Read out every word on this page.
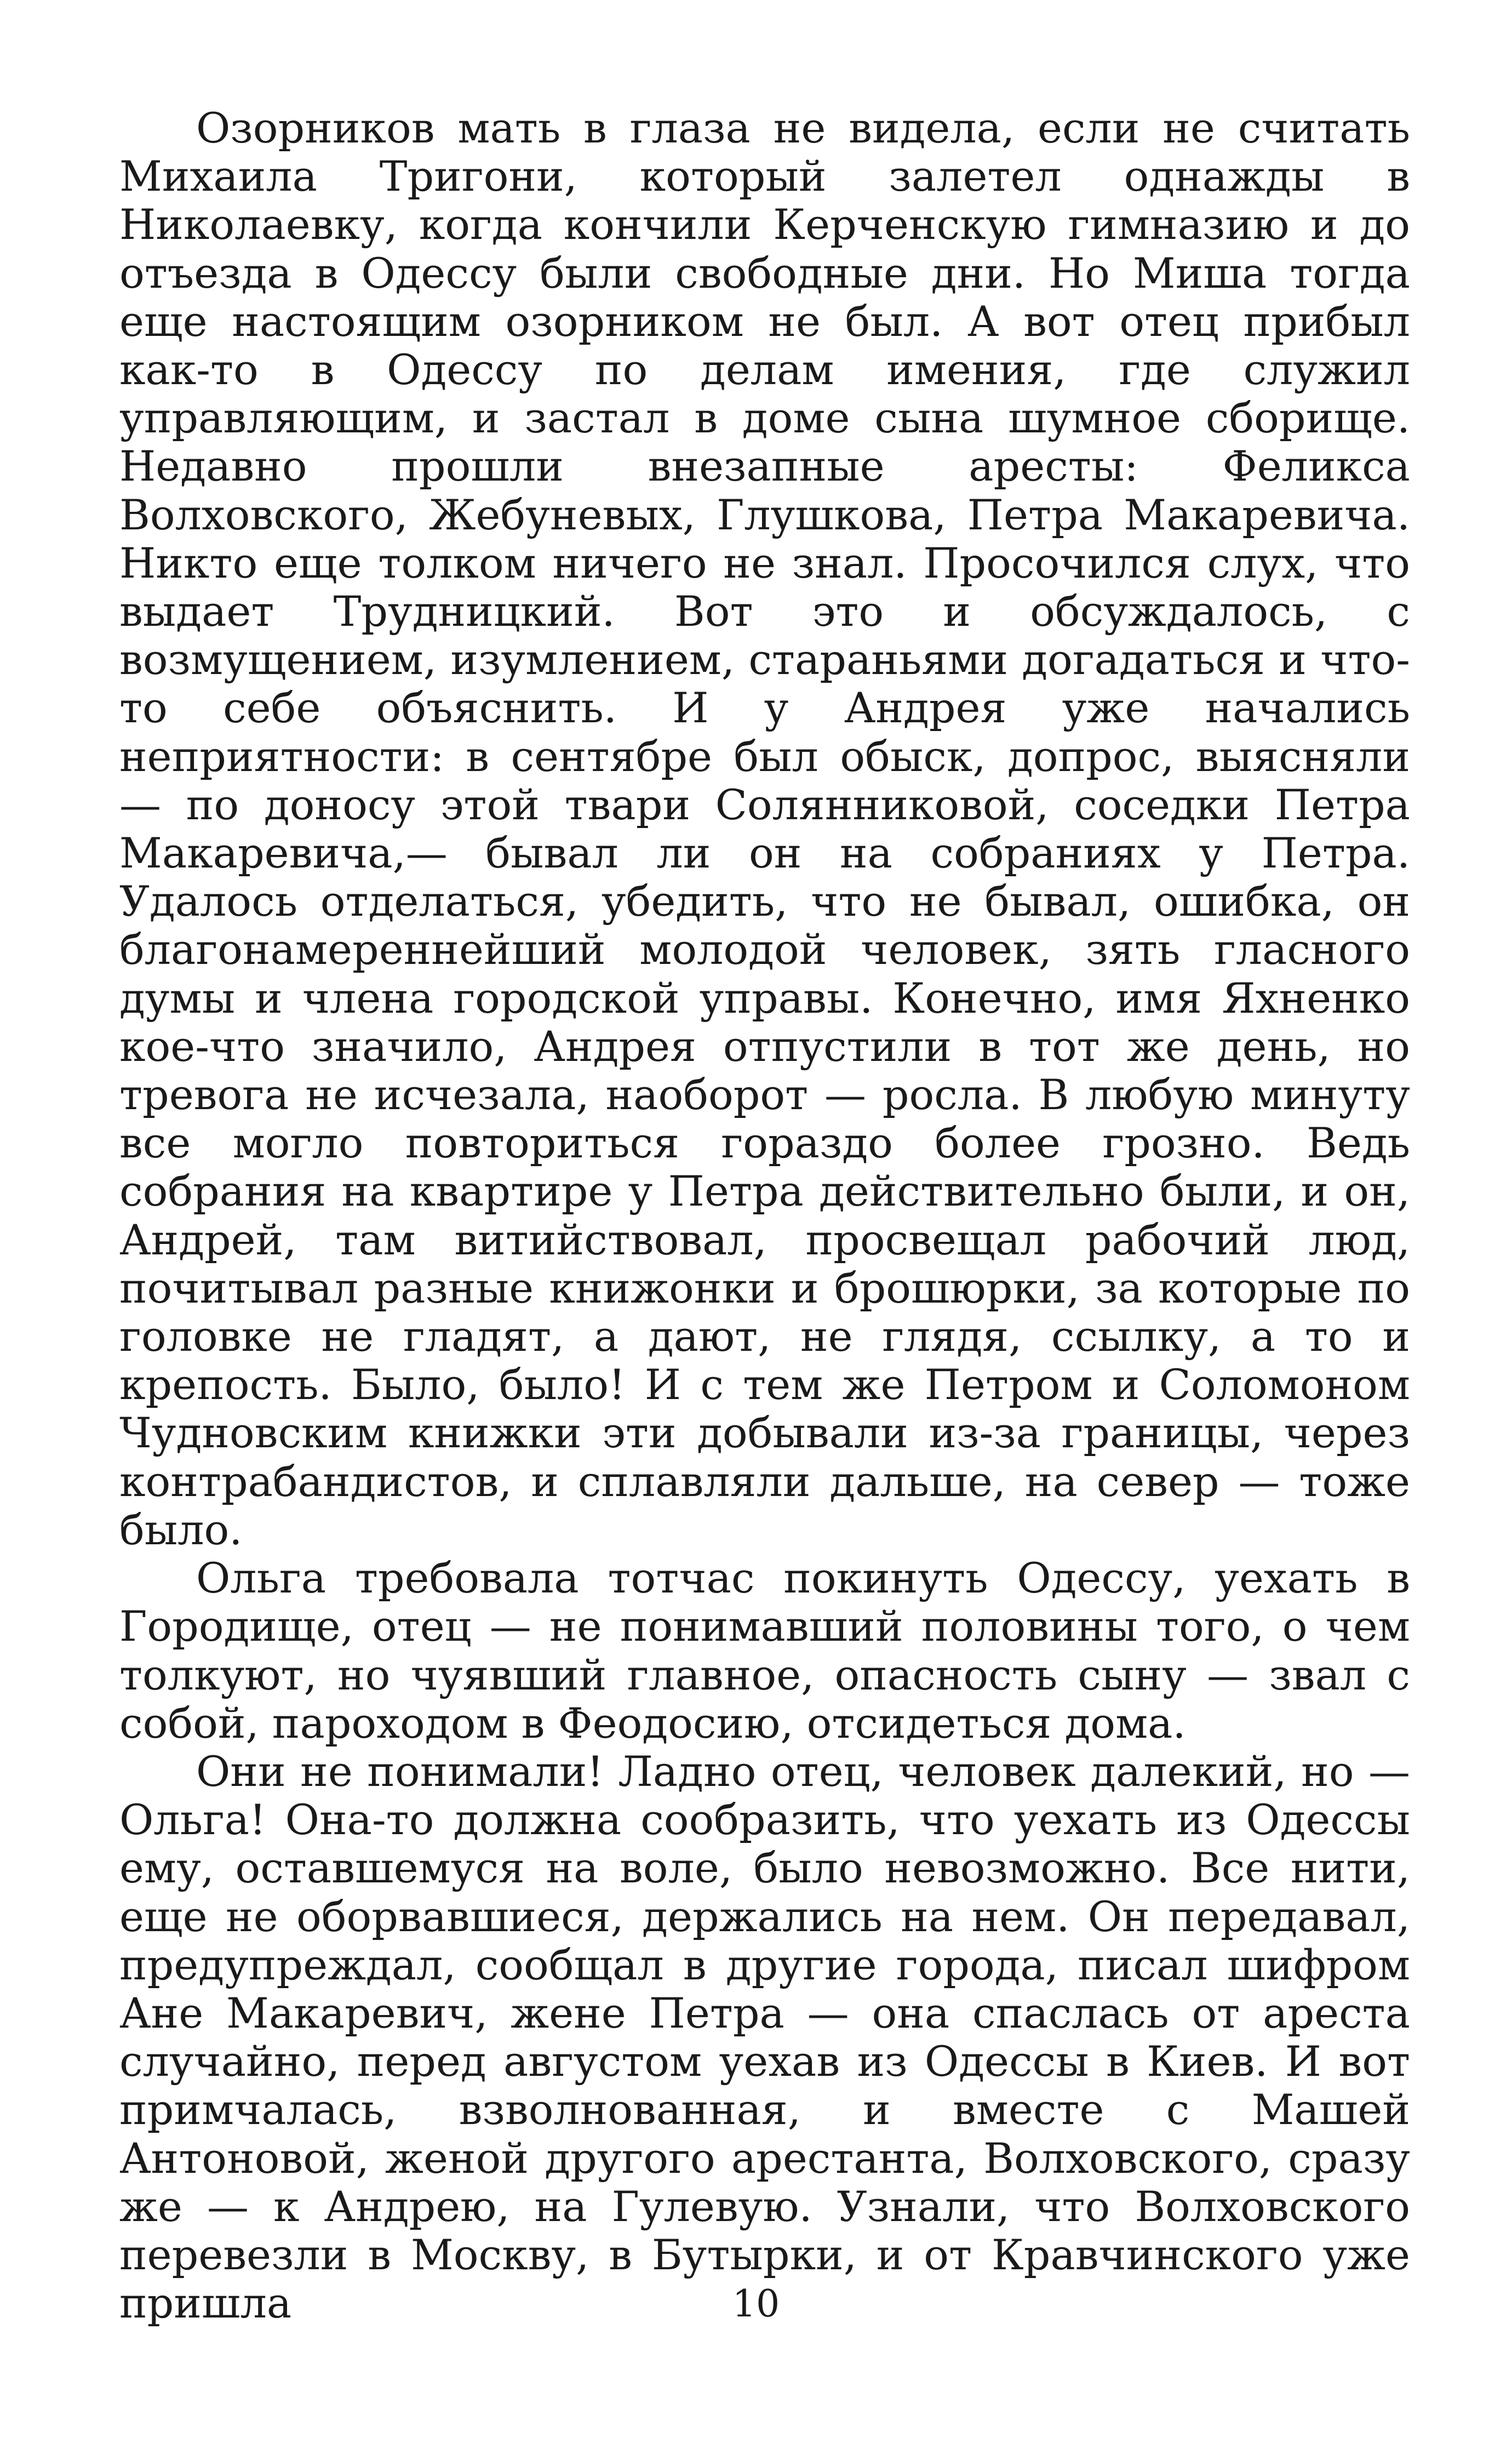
Озорников мать в глаза не видела, если не считать Михаила Тригони, который залетел однажды в Николаевку, когда кончили Керченскую гимназию и до отъезда в Одессу были свободные дни. Но Миша тогда еще настоящим озорником не был. А вот отец прибыл как-то в Одессу по делам имения, где служил управляющим, и застал в доме сына шумное сборище. Недавно прошли внезапные аресты: Феликса Волховского, Жебуневых, Глушкова, Петра Макаревича. Никто еще толком ничего не знал. Просочился слух, что выдает Трудницкий. Вот это и обсуждалось, с возмущением, изумлением, стараньями догадаться и что-то себе объяснить. И у Андрея уже начались неприятности: в сентябре был обыск, допрос, выясняли — по доносу этой твари Солянниковой, соседки Петра Макаревича,— бывал ли он на собраниях у Петра. Удалось отделаться, убедить, что не бывал, ошибка, он благонамереннейший молодой человек, зять гласного думы и члена городской управы. Конечно, имя Яхненко кое-что значило, Андрея отпустили в тот же день, но тревога не исчезала, наоборот — росла. В любую минуту все могло повториться гораздо более грозно. Ведь собрания на квартире у Петра действительно были, и он, Андрей, там витийствовал, просвещал рабочий люд, почитывал разные книжонки и брошюрки, за которые по головке не гладят, а дают, не глядя, ссылку, а то и крепость. Было, было! И с тем же Петром и Соломоном Чудновским книжки эти добывали из-за границы, через контрабандистов, и сплавляли дальше, на север — тоже было.

Ольга требовала тотчас покинуть Одессу, уехать в Городище, отец — не понимавший половины того, о чем толкуют, но чуявший главное, опасность сыну — звал с собой, пароходом в Феодосию, отсидеться дома.

Они не понимали! Ладно отец, человек далекий, но — Ольга! Она-то должна сообразить, что уехать из Одессы ему, оставшемуся на воле, было невозможно. Все нити, еще не оборвавшиеся, держались на нем. Он передавал, предупреждал, сообщал в другие города, писал шифром Ане Макаревич, жене Петра — она спаслась от ареста случайно, перед августом уехав из Одессы в Киев. И вот примчалась, взволнованная, и вместе с Машей Антоновой, женой другого арестанта, Волховского, сразу же — к Андрею, на Гулевую. Узнали, что Волховского перевезли в Москву, в Бутырки, и от Кравчинского уже пришла	10
